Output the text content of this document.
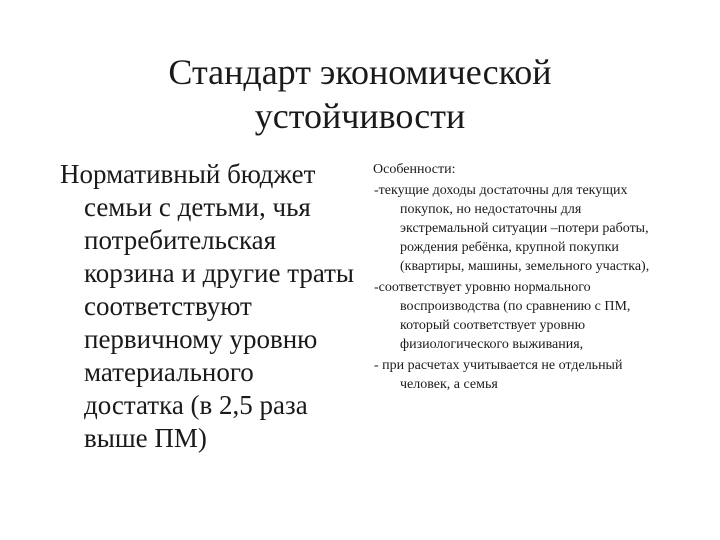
Стандарт экономической
устойчивости

Нормативный бюджет семьи с детьми, чья потребительская корзина и другие траты соответствуют первичному уровню материального достатка (в 2,5 раза выше ПМ)

Особенности:

-текущие доходы достаточны для текущих покупок, но недостаточны для экстремальной ситуации –потери работы, рождения ребёнка, крупной покупки (квартиры, машины, земельного участка),

-соответствует уровню нормального воспроизводства (по сравнению с ПМ, который соответствует уровню физиологического выживания,

- при расчетах учитывается не отдельный человек, а семья
